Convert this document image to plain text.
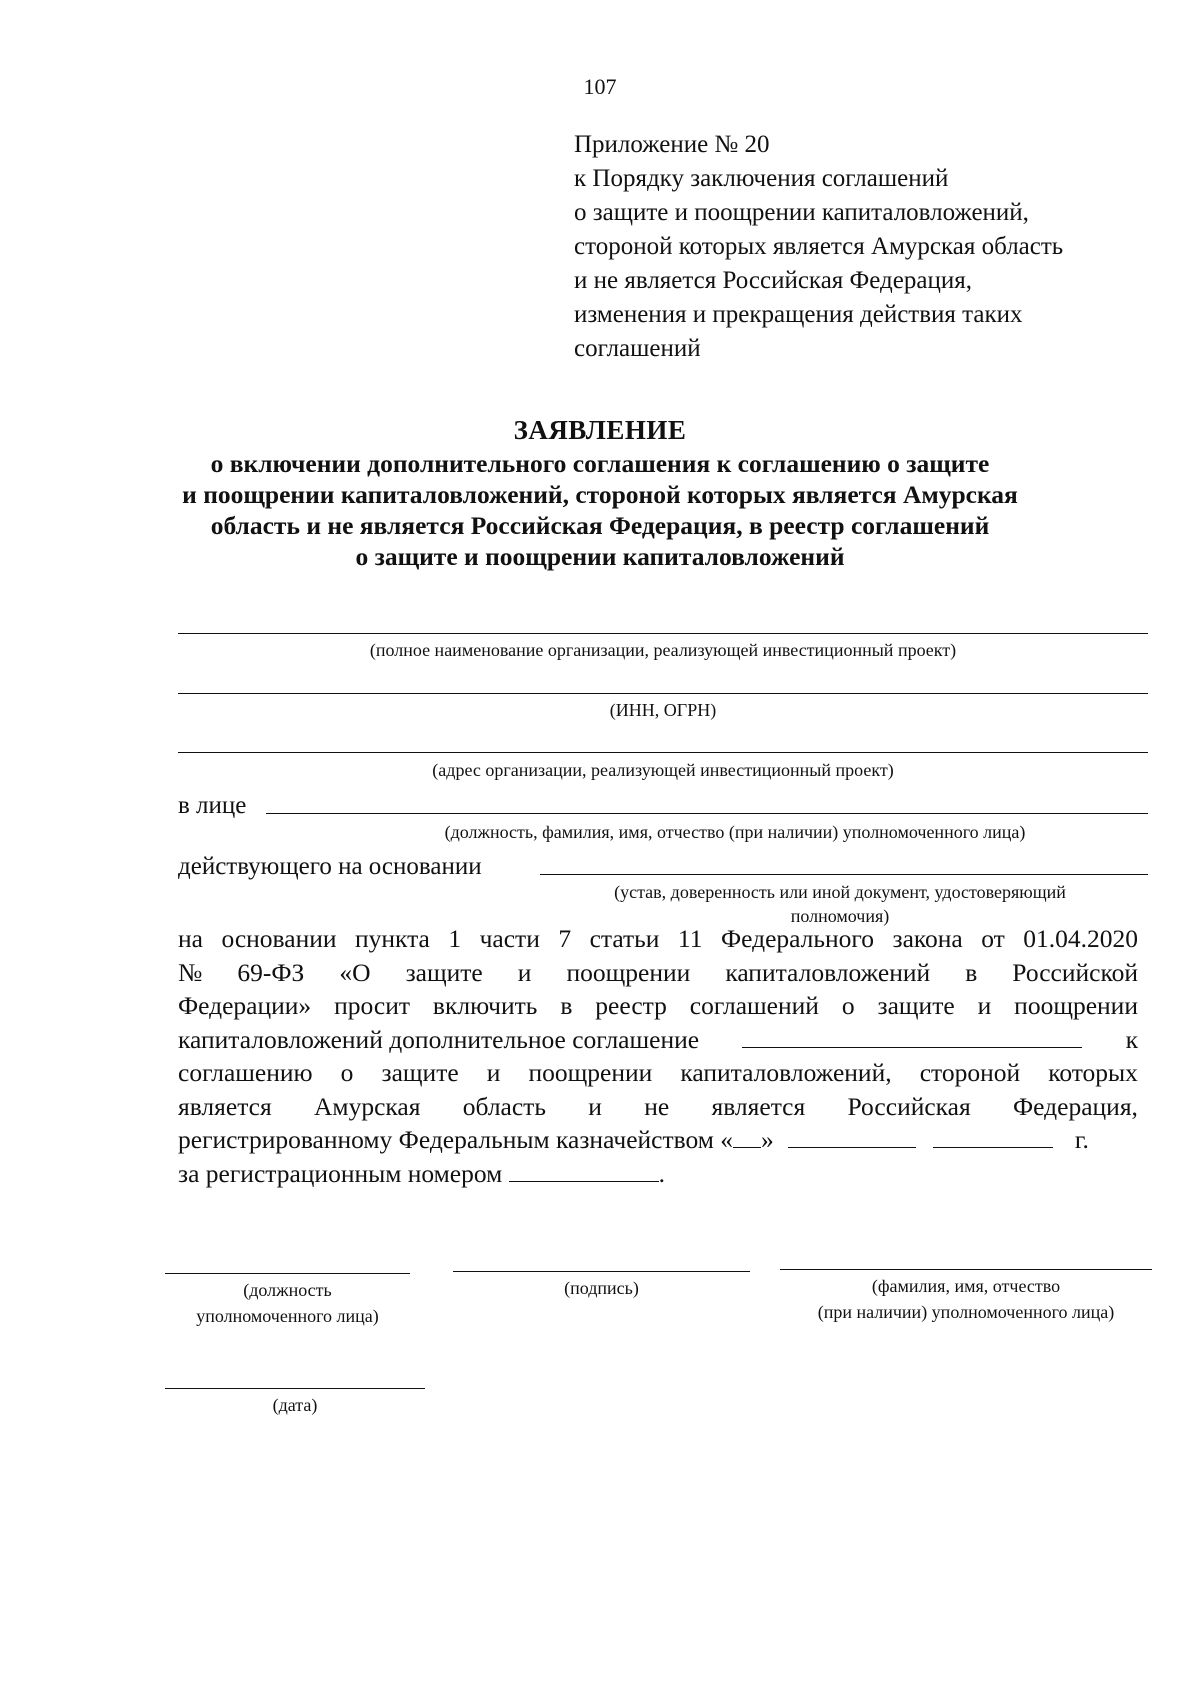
107
Приложение № 20
к Порядку заключения соглашений
о защите и поощрении капиталовложений,
стороной которых является Амурская область
и не является Российская Федерация,
изменения и прекращения действия таких
соглашений
ЗАЯВЛЕНИЕ
о включении дополнительного соглашения к соглашению о защите
и поощрении капиталовложений, стороной которых является Амурская
область и не является Российская Федерация, в реестр соглашений
о защите и поощрении капиталовложений
(полное наименование организации, реализующей инвестиционный проект)
(ИНН, ОГРН)
(адрес организации, реализующей инвестиционный проект)
в лице
(должность, фамилия, имя, отчество (при наличии) уполномоченного лица)
действующего на основании
(устав, доверенность или иной документ, удостоверяющий
полномочия)
на основании пункта 1 части 7 статьи 11 Федерального закона от 01.04.2020
№ 69-ФЗ «О защите и поощрении капиталовложений в Российской
Федерации» просит включить в реестр соглашений о защите и поощрении
капиталовложений дополнительное соглашение	к
соглашению о защите и поощрении капиталовложений, стороной которых
является Амурская область и не является Российская Федерация,
регистрированному Федеральным казначейством « »	г.
за регистрационным номером	.
(должность
уполномоченного лица)
(подпись)	(фамилия, имя, отчество
(при наличии) уполномоченного лица)
(дата)
